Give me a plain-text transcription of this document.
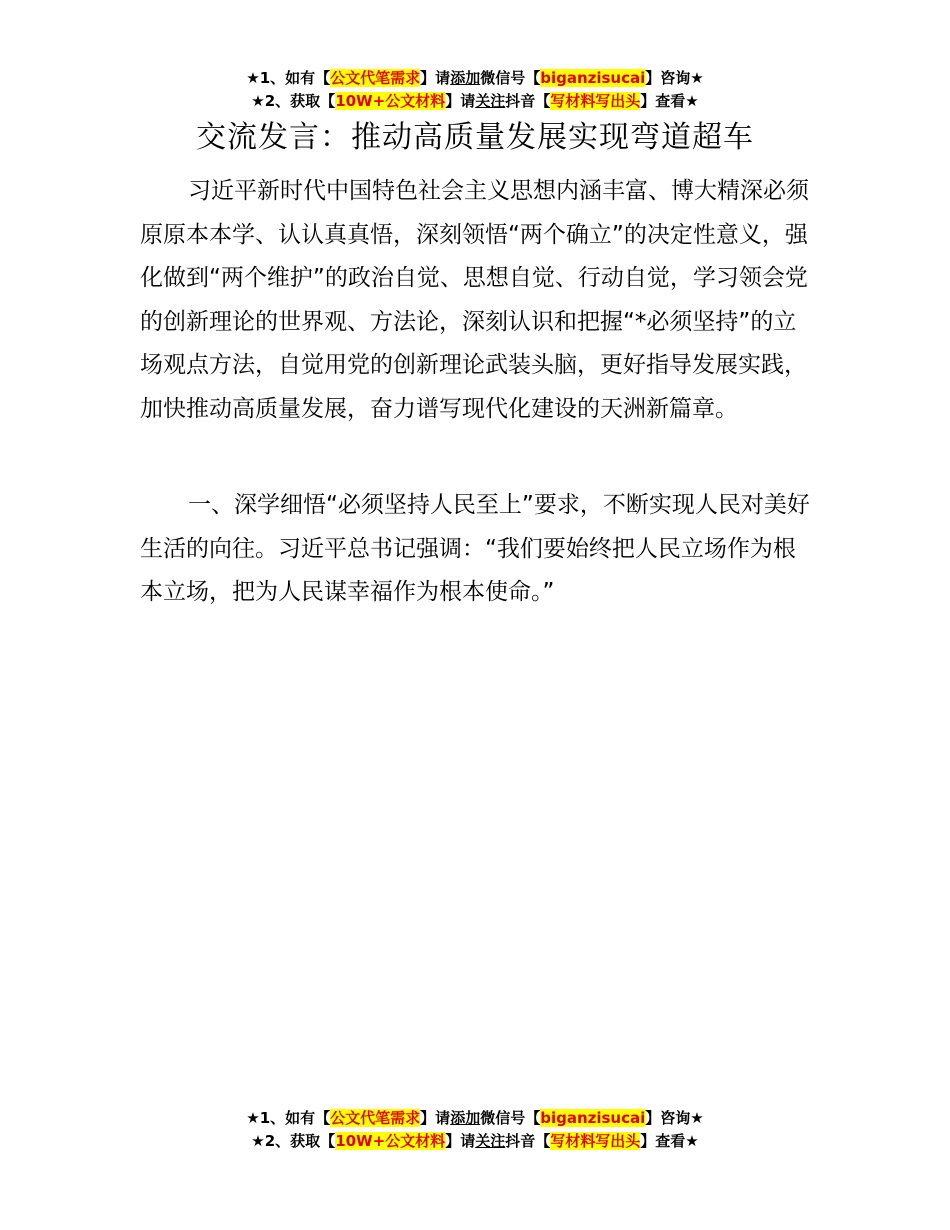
★1、如有【公文代笔需求】请添加微信号【biganzisucai】咨询★
★2、获取【10W+公文材料】请关注抖音【写材料写出头】查看★
交流发言：推动高质量发展实现弯道超车

习近平新时代中国特色社会主义思想内涵丰富、博大精深必须原原本本学、认认真真悟，深刻领悟“两个确立”的决定性意义，强化做到“两个维护”的政治自觉、思想自觉、行动自觉，学习领会党的创新理论的世界观、方法论，深刻认识和把握“*必须坚持”的立场观点方法，自觉用党的创新理论武装头脑，更好指导发展实践，加快推动高质量发展，奋力谱写现代化建设的天洲新篇章。

一、深学细悟“必须坚持人民至上”要求，不断实现人民对美好生活的向往。习近平总书记强调：“我们要始终把人民立场作为根本立场，把为人民谋幸福作为根本使命。”

★1、如有【公文代笔需求】请添加微信号【biganzisucai】咨询★
★2、获取【10W+公文材料】请关注抖音【写材料写出头】查看★
